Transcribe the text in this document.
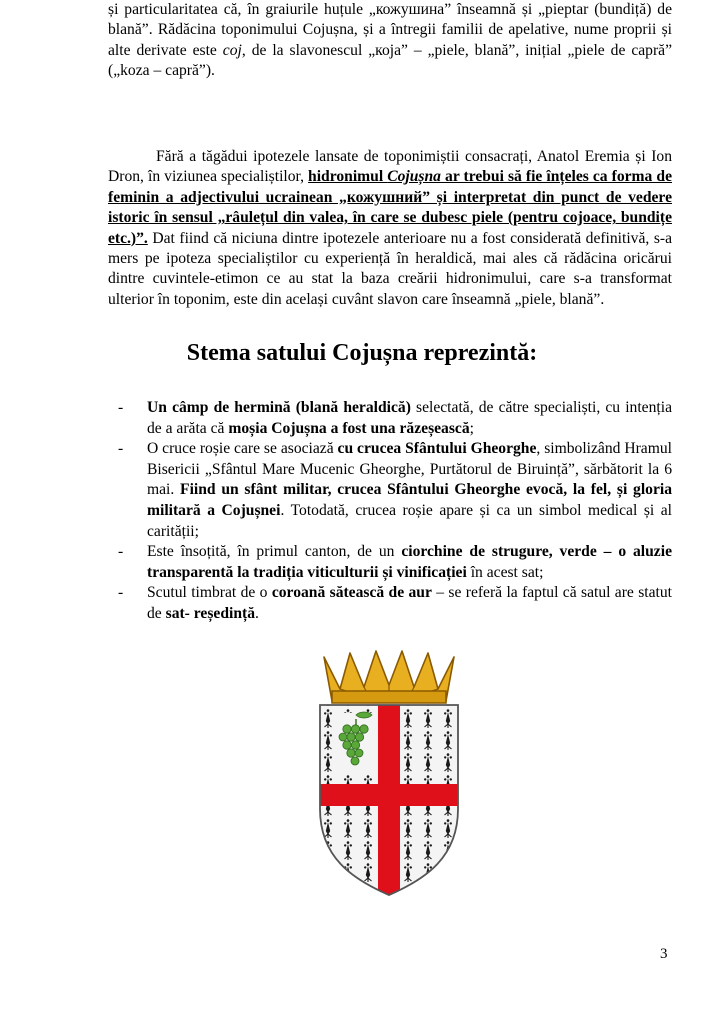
și particularitatea că, în graiurile huțule „кожушина” înseamnă și „pieptar (bundiță) de blană”. Rădăcina toponimului Cojușna, și a întregii familii de apelative, nume proprii și alte derivate este coj, de la slavonescul „коjа” – „piele, blană”, inițial „piele de capră” („koza – capră”).

Fără a tăgădui ipotezele lansate de toponimiștii consacrați, Anatol Eremia și Ion Dron, în viziunea specialiștilor, hidronimul Cojușna ar trebui să fie înțeles ca forma de feminin a adjectivului ucrainean „кожушний” și interpretat din punct de vedere istoric în sensul „râulețul din valea, în care se dubesc piele (pentru cojoace, bundițe etc.)”. Dat fiind că niciuna dintre ipotezele anterioare nu a fost considerată definitivă, s-a mers pe ipoteza specialiștilor cu experiență în heraldică, mai ales că rădăcina oricărui dintre cuvintele-etimon ce au stat la baza creării hidronimului, care s-a transformat ulterior în toponim, este din același cuvânt slavon care înseamnă „piele, blană”.

Stema satului Cojușna reprezintă:
- Un câmp de hermină (blană heraldică) selectată, de către specialiști, cu intenția de a arăta că moșia Cojușna a fost una răzeșească;
- O cruce roșie care se asociază cu crucea Sfântului Gheorghe, simbolizând Hramul Bisericii „Sfântul Mare Mucenic Gheorghe, Purtătorul de Biruință”, sărbătorit la 6 mai. Fiind un sfânt militar, crucea Sfântului Gheorghe evocă, la fel, și gloria militară a Cojușnei. Totodată, crucea roșie apare și ca un simbol medical și al carității;
- Este însoțită, în primul canton, de un ciorchine de strugure, verde – o aluzie transparentă la tradiția viticulturii și vinificației în acest sat;
- Scutul timbrat de o coroană sătească de aur – se referă la faptul că satul are statut de sat- reședință.
3
